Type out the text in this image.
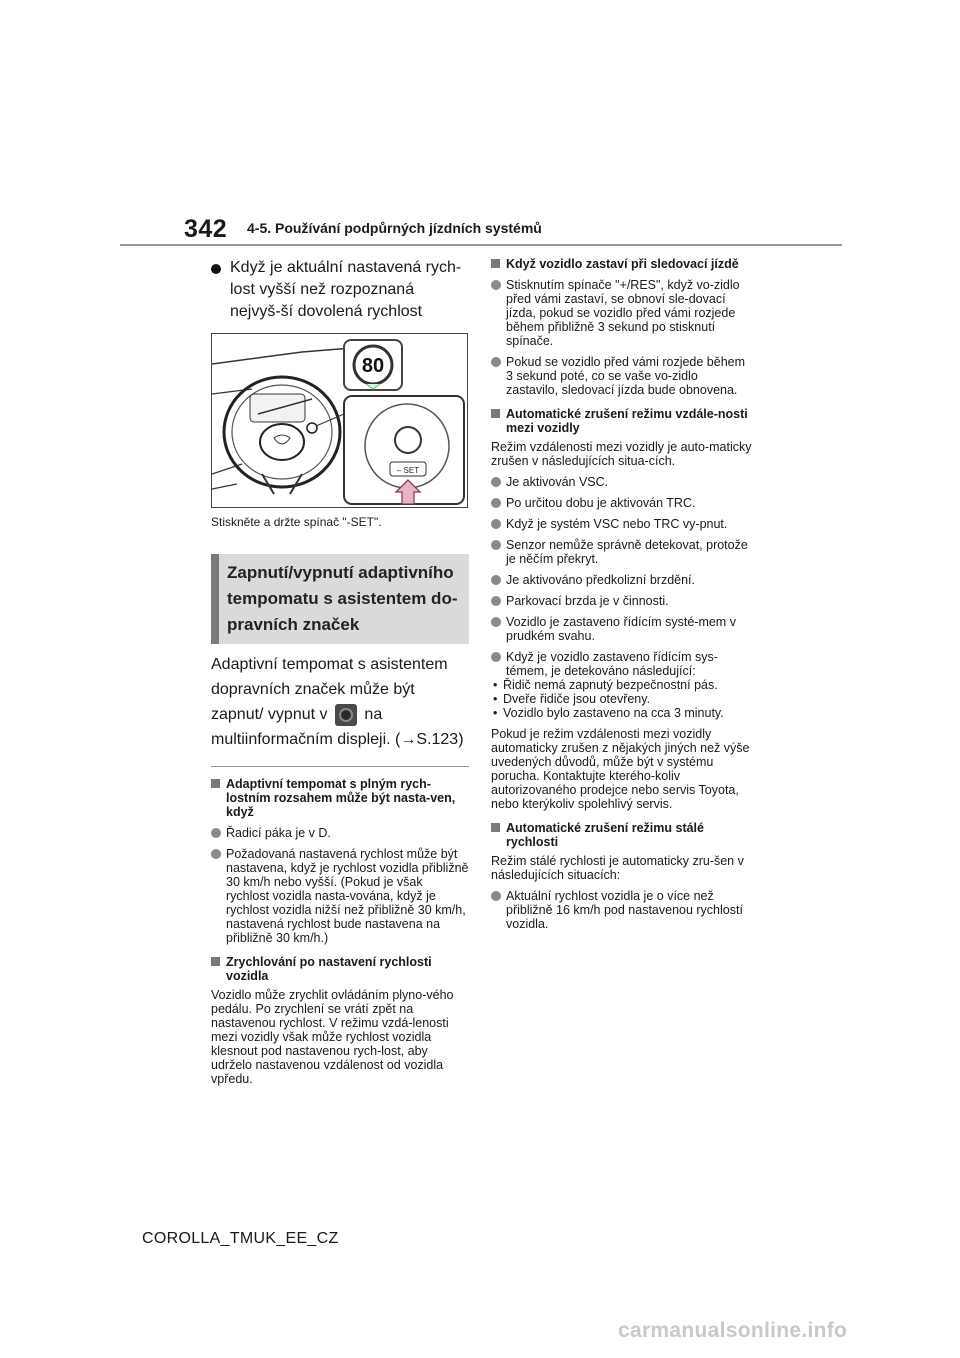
342 4-5. Používání podpůrných jízdních systémů
Když je aktuální nastavená rych-lost vyšší než rozpoznaná nejvyš-ší dovolená rychlost
80
– SET
Stiskněte a držte spínač "-SET".
Zapnutí/vypnutí adaptivního tempomatu s asistentem do-pravních značek
Adaptivní tempomat s asistentem dopravních značek může být zapnut/ vypnut v na multiinformačním displeji. (→S.123)
Adaptivní tempomat s plným rych-lostním rozsahem může být nasta-ven, když
Řadicí páka je v D.
Požadovaná nastavená rychlost může být nastavena, když je rychlost vozidla přibližně 30 km/h nebo vyšší. (Pokud je však rychlost vozidla nasta-vována, když je rychlost vozidla nižší než přibližně 30 km/h, nastavená rychlost bude nastavena na přibližně 30 km/h.)
Zrychlování po nastavení rychlosti vozidla
Vozidlo může zrychlit ovládáním plyno-vého pedálu. Po zrychlení se vrátí zpět na nastavenou rychlost. V režimu vzdá-lenosti mezi vozidly však může rychlost vozidla klesnout pod nastavenou rych-lost, aby udrželo nastavenou vzdálenost od vozidla vpředu.
Když vozidlo zastaví při sledovací jízdě
Stisknutím spínače "+/RES", když vo-zidlo před vámi zastaví, se obnoví sle-dovací jízda, pokud se vozidlo před vámi rozjede během přibližně 3 sekund po stisknutí spínače.
Pokud se vozidlo před vámi rozjede během 3 sekund poté, co se vaše vo-zidlo zastavilo, sledovací jízda bude obnovena.
Automatické zrušení režimu vzdále-nosti mezi vozidly
Režim vzdálenosti mezi vozidly je auto-maticky zrušen v následujících situa-cích.
Je aktivován VSC.
Po určitou dobu je aktivován TRC.
Když je systém VSC nebo TRC vy-pnut.
Senzor nemůže správně detekovat, protože je něčím překryt.
Je aktivováno předkolizní brzdění.
Parkovací brzda je v činnosti.
Vozidlo je zastaveno řídícím systé-mem v prudkém svahu.
Když je vozidlo zastaveno řídícím sys-témem, je detekováno následující:
• Řidič nemá zapnutý bezpečnostní pás.
• Dveře řidiče jsou otevřeny.
• Vozidlo bylo zastaveno na cca 3 minuty.
Pokud je režim vzdálenosti mezi vozidly automaticky zrušen z nějakých jiných než výše uvedených důvodů, může být v systému porucha. Kontaktujte kterého-koliv autorizovaného prodejce nebo servis Toyota, nebo kterýkoliv spolehlivý servis.
Automatické zrušení režimu stálé rychlosti
Režim stálé rychlosti je automaticky zru-šen v následujících situacích:
Aktuální rychlost vozidla je o více než přibližně 16 km/h pod nastavenou rychlostí vozidla.
COROLLA_TMUK_EE_CZ
carmanualsonline.info
